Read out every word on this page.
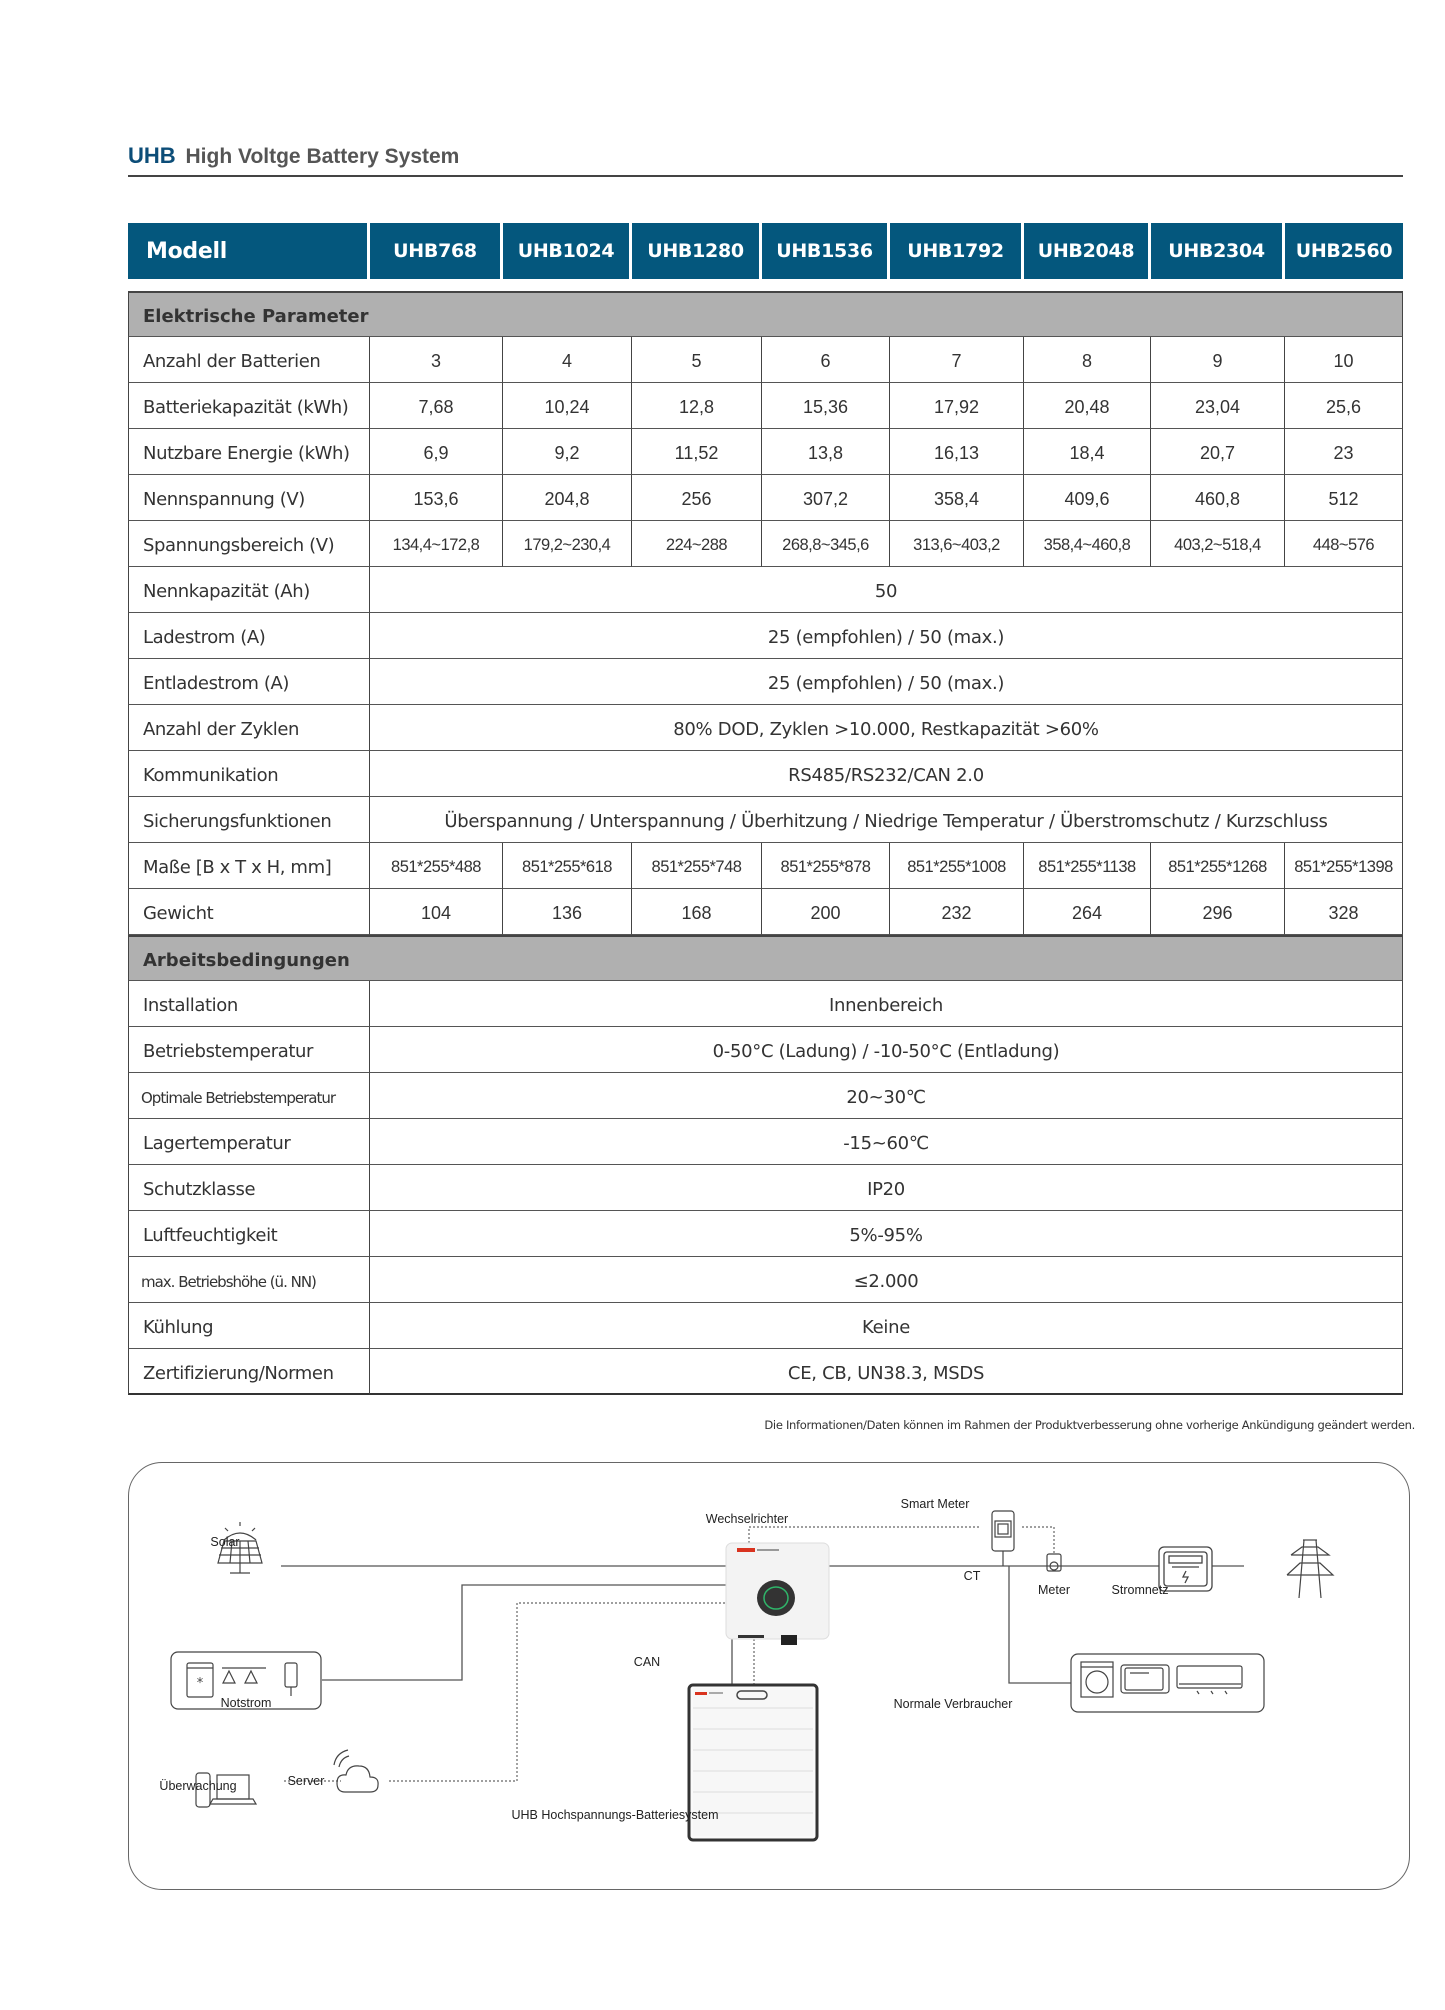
UHB High Voltge Battery System
Modell	UHB768	UHB1024	UHB1280	UHB1536	UHB1792	UHB2048	UHB2304	UHB2560

Elektrische Parameter								
Anzahl der Batterien	3	4	5	6	7	8	9	10
Batteriekapazität (kWh)	7,68	10,24	12,8	15,36	17,92	20,48	23,04	25,6
Nutzbare Energie (kWh)	6,9	9,2	11,52	13,8	16,13	18,4	20,7	23
Nennspannung (V)	153,6	204,8	256	307,2	358,4	409,6	460,8	512
Spannungsbereich (V)	134,4~172,8	179,2~230,4	224~288	268,8~345,6	313,6~403,2	358,4~460,8	403,2~518,4	448~576
Nennkapazität (Ah)	50							
Ladestrom (A)	25 (empfohlen) / 50 (max.)							
Entladestrom (A)	25 (empfohlen) / 50 (max.)							
Anzahl der Zyklen	80% DOD, Zyklen >10.000, Restkapazität >60%							
Kommunikation	RS485/RS232/CAN 2.0							
Sicherungsfunktionen	Überspannung / Unterspannung / Überhitzung / Niedrige Temperatur / Überstromschutz / Kurzschluss							
Maße [B x T x H, mm]	851*255*488	851*255*618	851*255*748	851*255*878	851*255*1008	851*255*1138	851*255*1268	851*255*1398
Gewicht	104	136	168	200	232	264	296	328
Arbeitsbedingungen								
Installation	Innenbereich							
Betriebstemperatur	0-50°C (Ladung) / -10-50°C (Entladung)							
Optimale Betriebstemperatur	20~30℃							
Lagertemperatur	-15~60℃							
Schutzklasse	IP20							
Luftfeuchtigkeit	5%-95%							
max. Betriebshöhe (ü. NN)	≤2.000							
Kühlung	Keine							
Zertifizierung/Normen	CE, CB, UN38.3, MSDS							
Die Informationen/Daten können im Rahmen der Produktverbesserung ohne vorherige Ankündigung geändert werden.
*
Solar
Wechselrichter
Smart Meter
CT
Meter	Stromnetz
Notstrom
CAN
Normale Verbraucher
Überwachung	Server
UHB Hochspannungs-Batteriesystem
